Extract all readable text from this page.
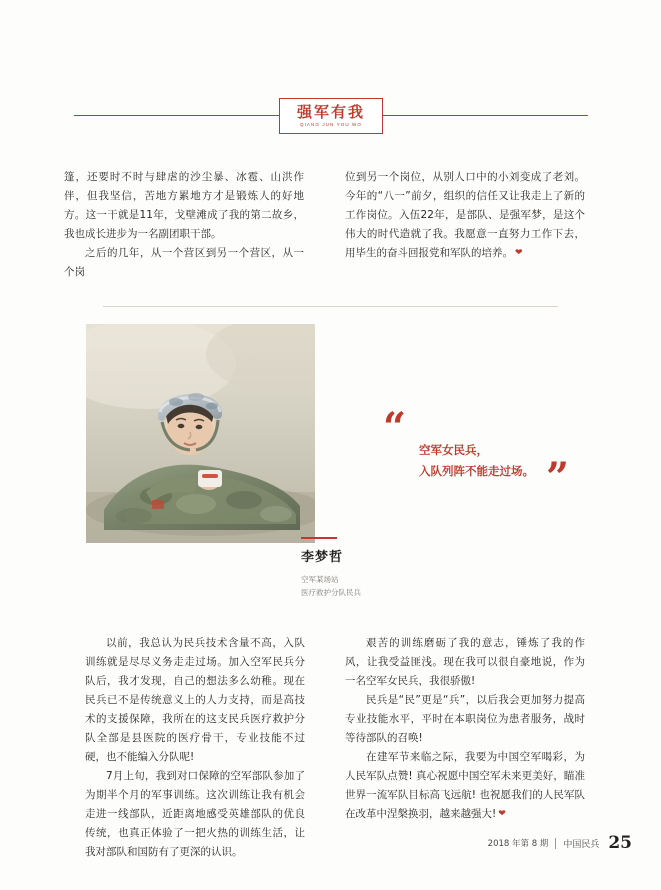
强军有我
QIANG JUN YOU WO

篷，还要时不时与肆虐的沙尘暴、冰雹、山洪作伴，但我坚信，苦地方累地方才是锻炼人的好地方。这一干就是11年，戈壁滩成了我的第二故乡，我也成长进步为一名副团职干部。

之后的几年，从一个营区到另一个营区，从一个岗

位到另一个岗位，从别人口中的小刘变成了老刘。今年的“八一”前夕，组织的信任又让我走上了新的工作岗位。入伍22年，是部队、是强军梦，是这个伟大的时代造就了我。我愿意一直努力工作下去，用毕生的奋斗回报党和军队的培养。 ❤

“
”
空军女民兵，
入队列阵不能走过场。
李梦哲
空军某场站
医疗救护分队民兵

以前，我总认为民兵技术含量不高，入队训练就是尽尽义务走走过场。加入空军民兵分队后，我才发现，自己的想法多么幼稚。现在民兵已不是传统意义上的人力支持，而是高技术的支援保障，我所在的这支民兵医疗救护分队全部是县医院的医疗骨干，专业技能不过硬，也不能编入分队呢!

7月上旬，我到对口保障的空军部队参加了为期半个月的军事训练。这次训练让我有机会走进一线部队，近距离地感受英雄部队的优良传统，也真正体验了一把火热的训练生活，让我对部队和国防有了更深的认识。

艰苦的训练磨砺了我的意志，锤炼了我的作风，让我受益匪浅。现在我可以很自豪地说，作为一名空军女民兵，我很骄傲!

民兵是“民”更是“兵”，以后我会更加努力提高专业技能水平，平时在本职岗位为患者服务，战时等待部队的召唤!

在建军节来临之际，我要为中国空军喝彩，为人民军队点赞! 真心祝愿中国空军未来更美好，瞄准世界一流军队目标高飞远航! 也祝愿我们的人民军队在改革中涅槃换羽，越来越强大! ❤

2018 年第 8 期 中国民兵 25
